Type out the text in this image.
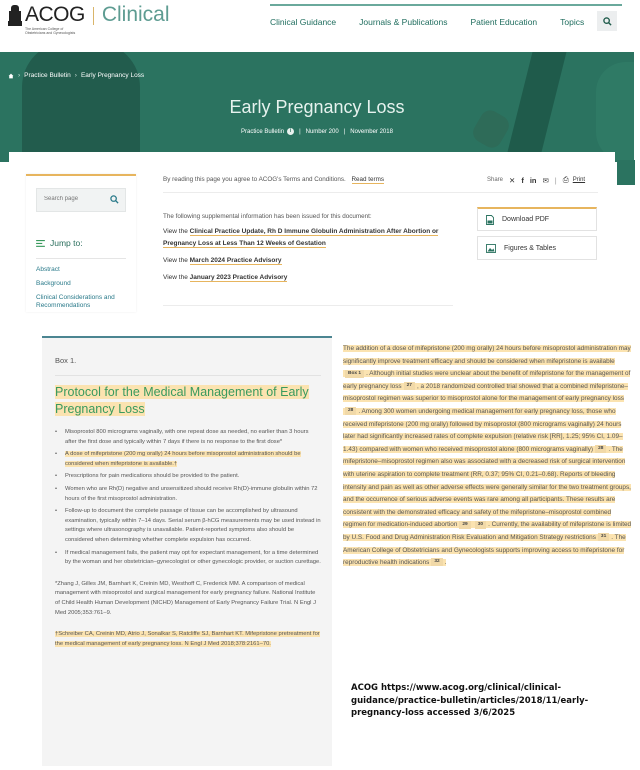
ACOG
The American College of Obstetricians and Gynecologists
Clinical	Clinical Guidance	Journals & Publications	Patient Education	Topics
› Practice Bulletin › Early Pregnancy Loss
Early Pregnancy Loss
Practice Bulletin	i	| Number 200 | November 2018
Search page
Jump to:
Abstract
Background
Clinical Considerations and Recommendations
By reading this page you agree to ACOG's Terms and Conditions. Read terms	Share ✕ f in ✉ | ⎙ Print
The following supplemental information has been issued for this document:
View the Clinical Practice Update, Rh D Immune Globulin Administration After Abortion or Pregnancy Loss at Less Than 12 Weeks of Gestation
View the March 2024 Practice Advisory
View the January 2023 Practice Advisory
Download PDF
Figures & Tables
Box 1.
Protocol for the Medical Management of Early Pregnancy Loss
• Misoprostol 800 micrograms vaginally, with one repeat dose as needed, no earlier than 3 hours after the first dose and typically within 7 days if there is no response to the first dose*
• A dose of mifepristone (200 mg orally) 24 hours before misoprostol administration should be considered when mifepristone is available.†
• Prescriptions for pain medications should be provided to the patient.
• Women who are Rh(D) negative and unsensitized should receive Rh(D)-immune globulin within 72 hours of the first misoprostol administration.
• Follow-up to document the complete passage of tissue can be accomplished by ultrasound examination, typically within 7–14 days. Serial serum β-hCG measurements may be used instead in settings where ultrasonography is unavailable. Patient-reported symptoms also should be considered when determining whether complete expulsion has occurred.
• If medical management fails, the patient may opt for expectant management, for a time determined by the woman and her obstetrician–gynecologist or other gynecologic provider, or suction curettage.
*Zhang J, Gilles JM, Barnhart K, Creinin MD, Westhoff C, Frederick MM. A comparison of medical management with misoprostol and surgical management for early pregnancy failure. National Institute of Child Health Human Development (NICHD) Management of Early Pregnancy Failure Trial. N Engl J Med 2005;353:761–9.
†Schreiber CA, Creinin MD, Atrio J, Sonalkar S, Ratcliffe SJ, Barnhart KT. Mifepristone pretreatment for the medical management of early pregnancy loss. N Engl J Med 2018;378:2161–70.
The addition of a dose of mifepristone (200 mg orally) 24 hours before misoprostol administration may significantly improve treatment efficacy and should be considered when mifepristone is availableBox 1 . Although initial studies were unclear about the benefit of mifepristone for the management of early pregnancy loss 27 , a 2018 randomized controlled trial showed that a combined mifepristone–misoprostol regimen was superior to misoprostol alone for the management of early pregnancy loss28 . Among 300 women undergoing medical management for early pregnancy loss, those who received mifepristone (200 mg orally) followed by misoprostol (800 micrograms vaginally) 24 hours later had significantly increased rates of complete expulsion (relative risk [RR], 1.25; 95% CI, 1.09–1.43) compared with women who received misoprostol alone (800 micrograms vaginally) 28 . The mifepristone–misoprostol regimen also was associated with a decreased risk of surgical intervention with uterine aspiration to complete treatment (RR, 0.37; 95% CI, 0.21–0.68). Reports of bleeding intensity and pain as well as other adverse effects were generally similar for the two treatment groups, and the occurrence of serious adverse events was rare among all participants. These results are consistent with the demonstrated efficacy and safety of the mifepristone–misoprostol combined regimen for medication-induced abortion 29 30 . Currently, the availability of mifepristone is limited by U.S. Food and Drug Administration Risk Evaluation and Mitigation Strategy restrictions 31 . The American College of Obstetricians and Gynecologists supports improving access to mifepristone for reproductive health indications 32 .
ACOG https://www.acog.org/clinical/clinical-guidance/practice-bulletin/articles/2018/11/early-pregnancy-loss accessed 3/6/2025
